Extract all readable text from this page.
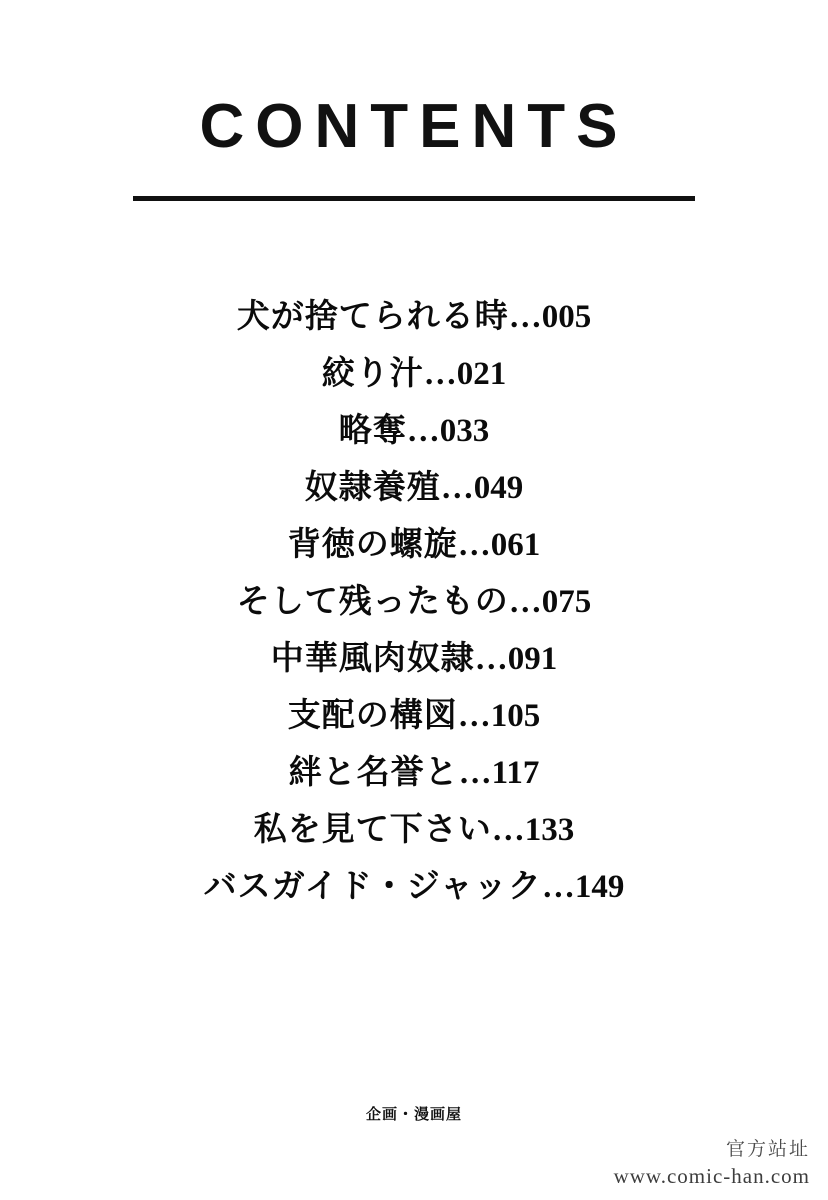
CONTENTS
犬が捨てられる時…005
絞り汁…021
略奪…033
奴隷養殖…049
背徳の螺旋…061
そして残ったもの…075
中華風肉奴隷…091
支配の構図…105
絆と名誉と…117
私を見て下さい…133
バスガイド・ジャック…149
企画・漫画屋
官方站址
www.comic-han.com
